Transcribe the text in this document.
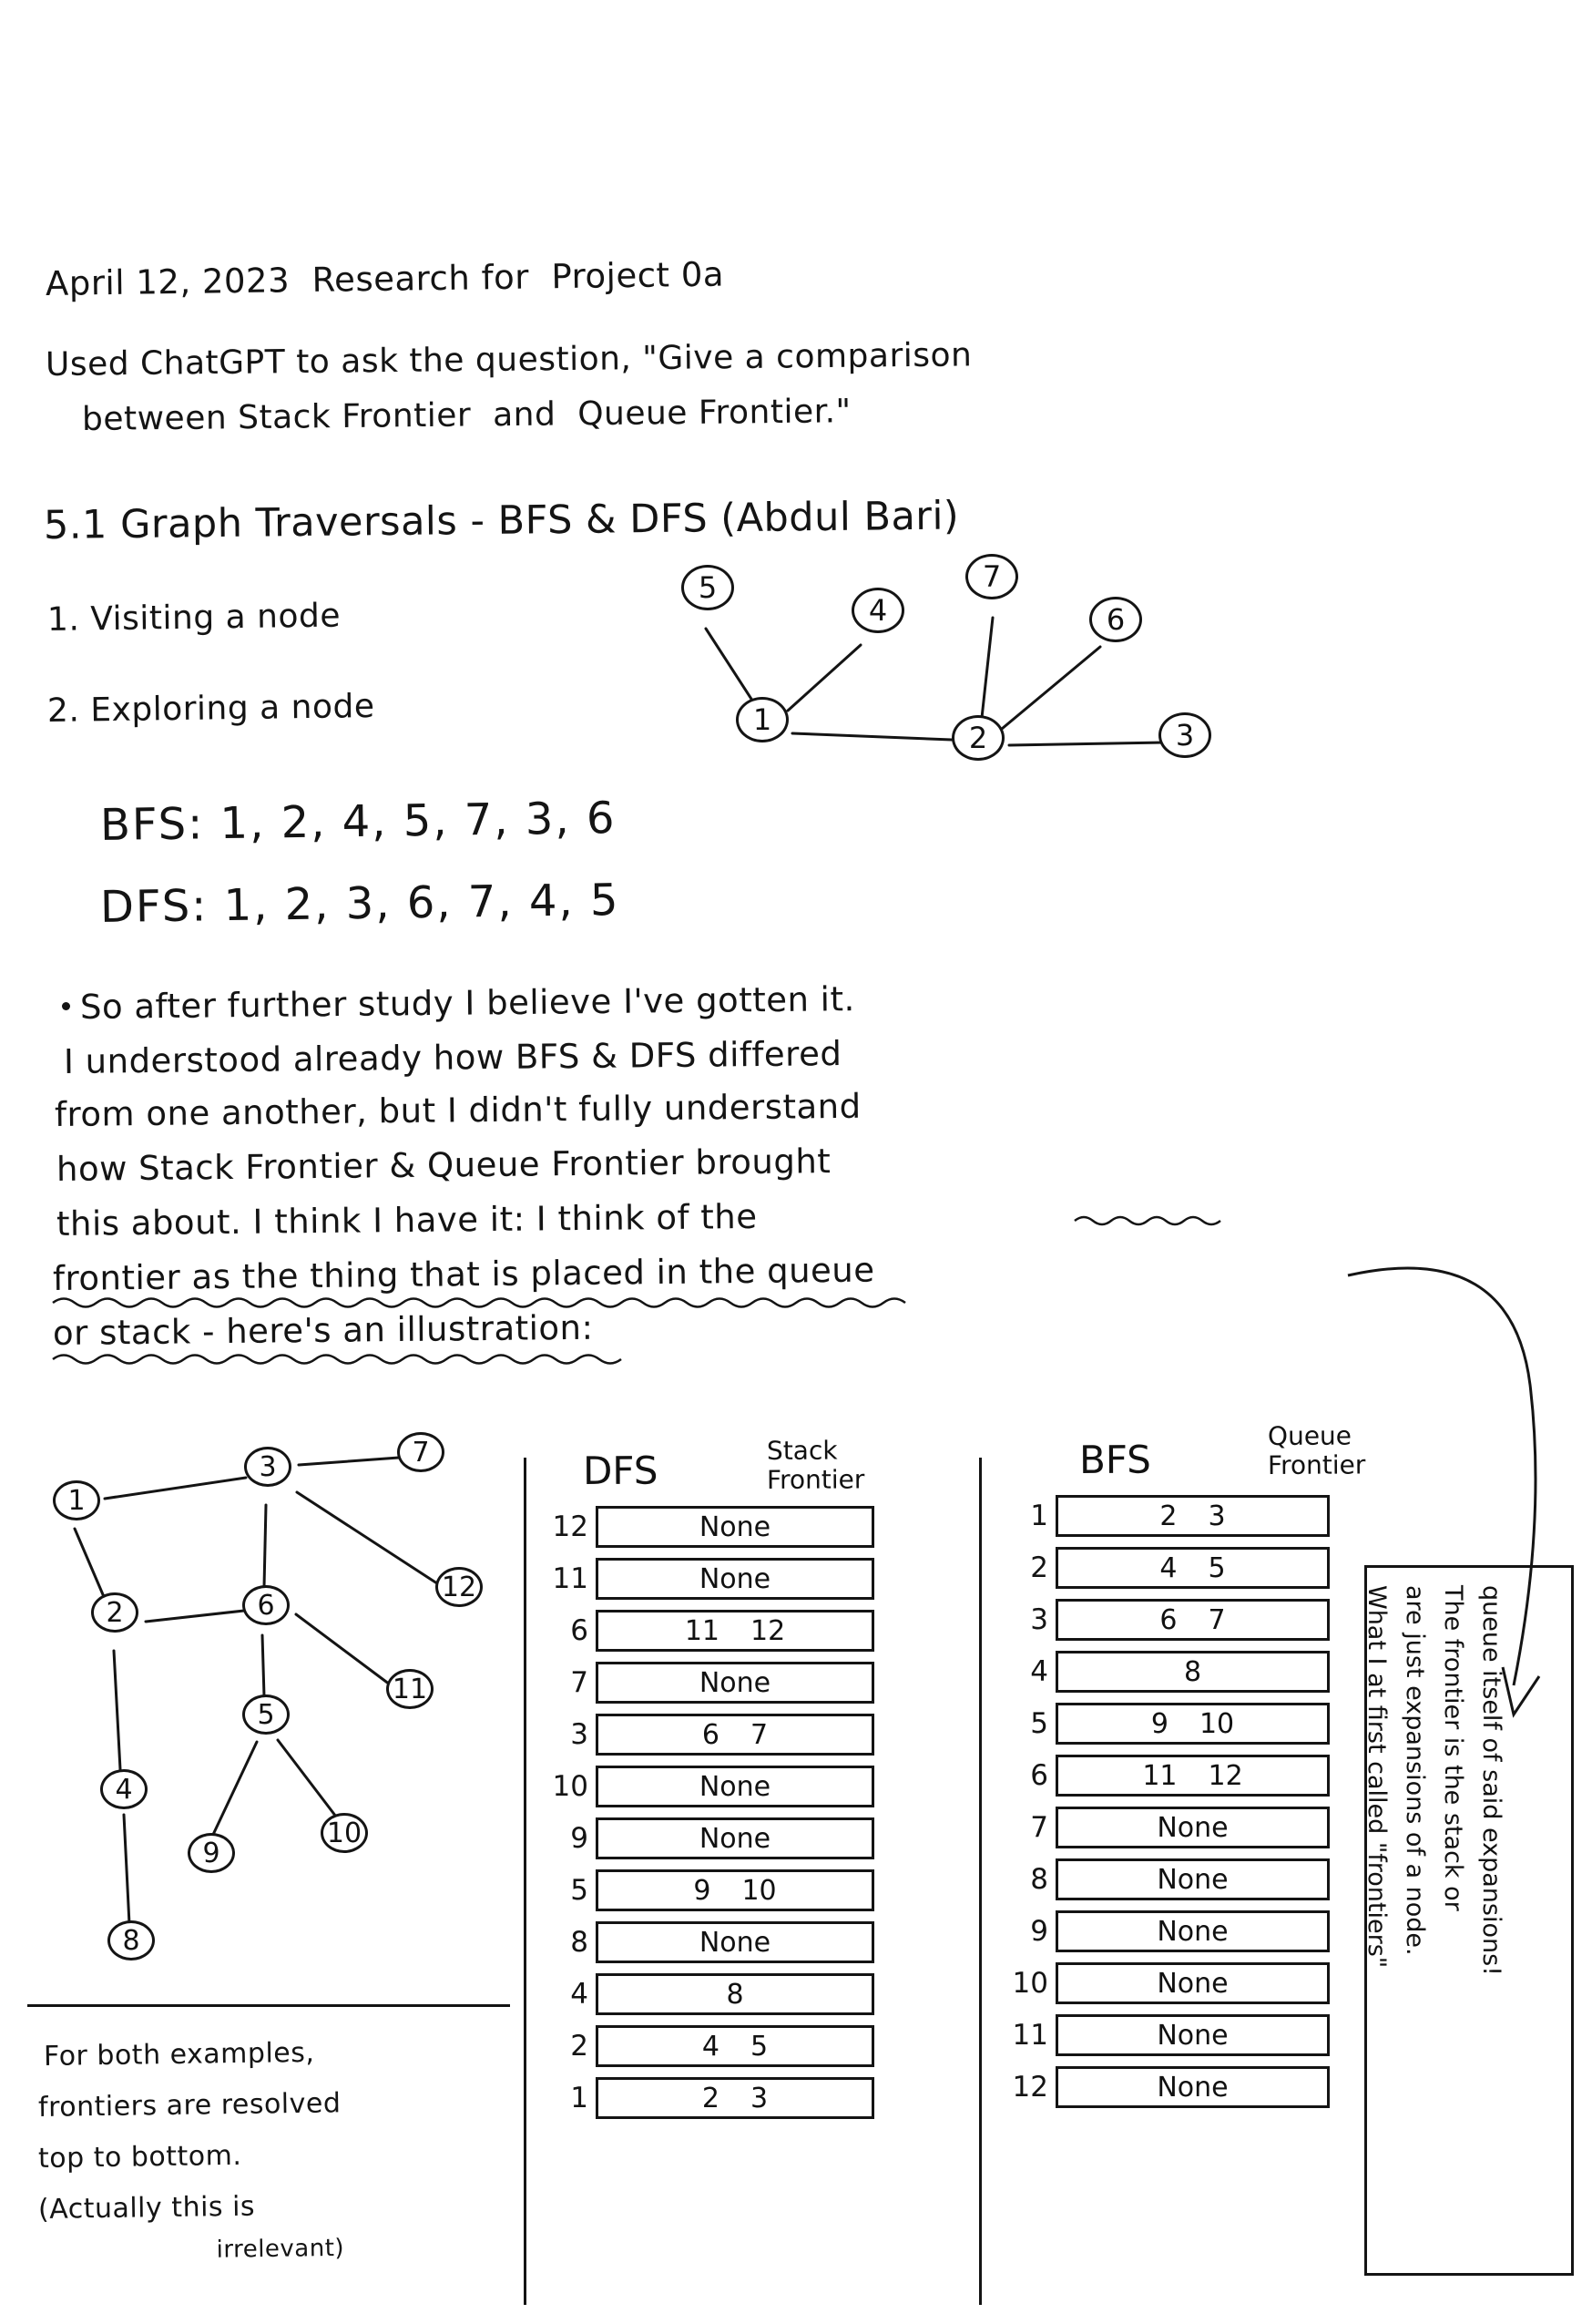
April 12, 2023  Research for  Project 0a
Used ChatGPT to ask the question, "Give a comparison
between Stack Frontier  and  Queue Frontier."
5.1 Graph Traversals - BFS & DFS (Abdul Bari)
1. Visiting a node
2. Exploring a node
5
4
7
6
1
2	3
BFS: 1, 2, 4, 5, 7, 3, 6
DFS: 1, 2, 3, 6, 7, 4, 5
So after further study I believe I've gotten it.
I understood already how BFS & DFS differed
from one another, but I didn't fully understand
how Stack Frontier & Queue Frontier brought
this about. I think I have it: I think of the
frontier as the thing that is placed in the queue
or stack - here's an illustration:
1
3	7
12
2	6
11
5
4
9
10
8
For both examples,
frontiers are resolved
top to bottom.
(Actually this is
irrelevant)
DFS	Stack
Frontier
12	None
11	None
6	11 12
7	None
3	6 7
10	None
9	None
5	9 10
8	None
4	8
2	4 5
1	2 3
BFS
Queue
Frontier
1	2 3
2	4 5
3	6 7
4	8
5	9 10
6	11 12
7	None
8	None
9	None
10	None
11	None
12	None
What I at first called "frontiers" are just expansions of a node. The frontier is the stack or queue itself of said expansions!
